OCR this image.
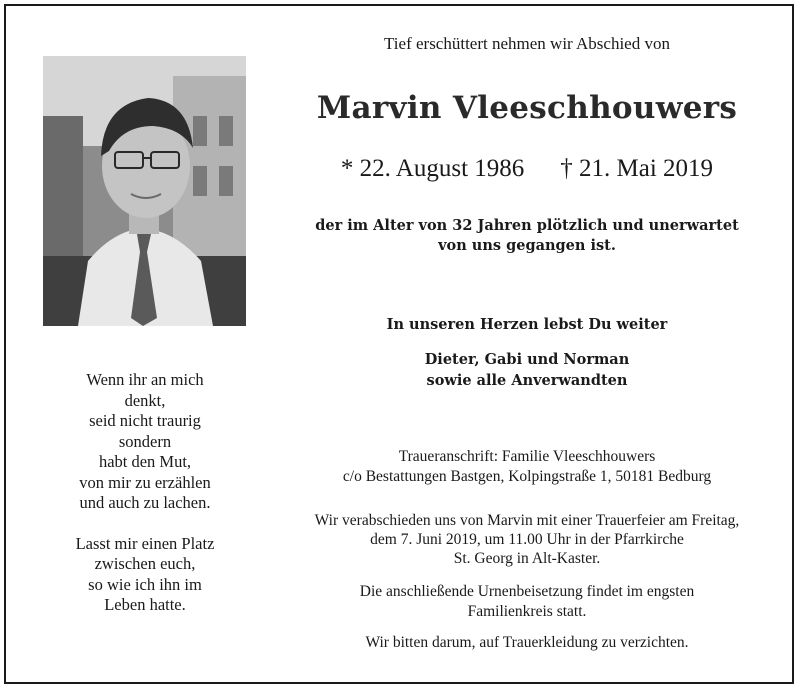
Wenn ihr an mich
denkt,
seid nicht traurig
sondern
habt den Mut,
von mir zu erzählen
und auch zu lachen.
Lasst mir einen Platz
zwischen euch,
so wie ich ihn im
Leben hatte.
Tief erschüttert nehmen wir Abschied von
Marvin Vleeschhouwers
* 22. August 1986 † 21. Mai 2019
der im Alter von 32 Jahren plötzlich und unerwartet
von uns gegangen ist.
In unseren Herzen lebst Du weiter
Dieter, Gabi und Norman
sowie alle Anverwandten
Traueranschrift: Familie Vleeschhouwers
c/o Bestattungen Bastgen, Kolpingstraße 1, 50181 Bedburg
Wir verabschieden uns von Marvin mit einer Trauerfeier am Freitag,
dem 7. Juni 2019, um 11.00 Uhr in der Pfarrkirche
St. Georg in Alt-Kaster.
Die anschließende Urnenbeisetzung findet im engsten
Familienkreis statt.
Wir bitten darum, auf Trauerkleidung zu verzichten.
